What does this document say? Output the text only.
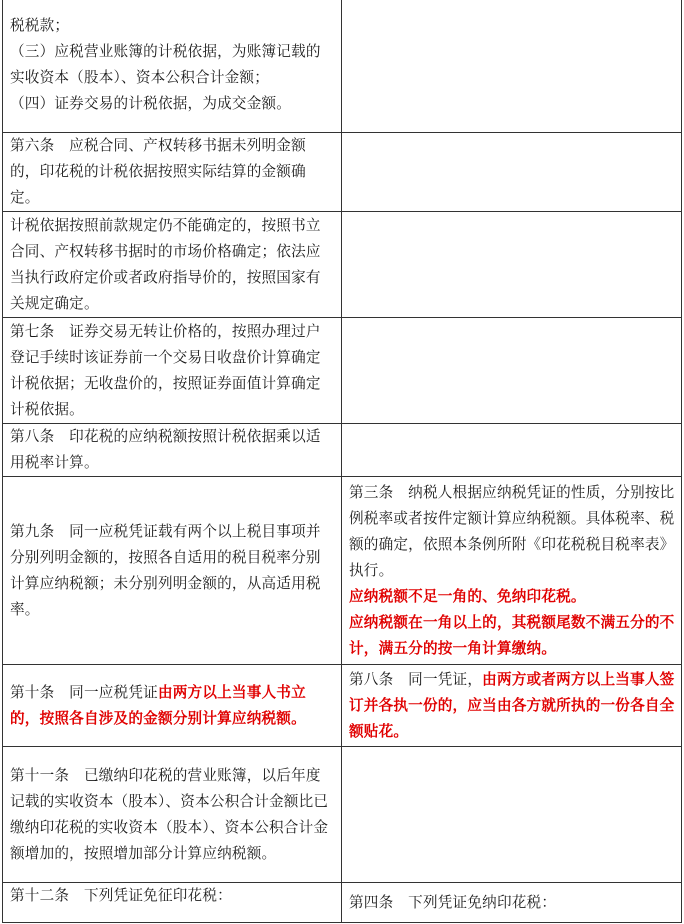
税税款；
（三）应税营业账簿的计税依据，为账簿记载的实收资本（股本）、资本公积合计金额；
（四）证券交易的计税依据，为成交金额。	

第六条　应税合同、产权转移书据未列明金额的，印花税的计税依据按照实际结算的金额确定。	

计税依据按照前款规定仍不能确定的，按照书立合同、产权转移书据时的市场价格确定；依法应当执行政府定价或者政府指导价的，按照国家有关规定确定。	

第七条　证券交易无转让价格的，按照办理过户登记手续时该证券前一个交易日收盘价计算确定计税依据；无收盘价的，按照证券面值计算确定计税依据。	

第八条　印花税的应纳税额按照计税依据乘以适用税率计算。	

第九条　同一应税凭证载有两个以上税目事项并分别列明金额的，按照各自适用的税目税率分别计算应纳税额；未分别列明金额的，从高适用税率。	第三条　纳税人根据应纳税凭证的性质，分别按比例税率或者按件定额计算应纳税额。具体税率、税额的确定，依照本条例所附《印花税税目税率表》执行。
应纳税额不足一角的、免纳印花税。
应纳税额在一角以上的，其税额尾数不满五分的不计，满五分的按一角计算缴纳。

第十条　同一应税凭证由两方以上当事人书立的，按照各自涉及的金额分别计算应纳税额。	第八条　同一凭证，由两方或者两方以上当事人签订并各执一份的，应当由各方就所执的一份各自全额贴花。

第十一条　已缴纳印花税的营业账簿，以后年度记载的实收资本（股本）、资本公积合计金额比已缴纳印花税的实收资本（股本）、资本公积合计金额增加的，按照增加部分计算应纳税额。	

第十二条　下列凭证免征印花税：	第四条　下列凭证免纳印花税：
